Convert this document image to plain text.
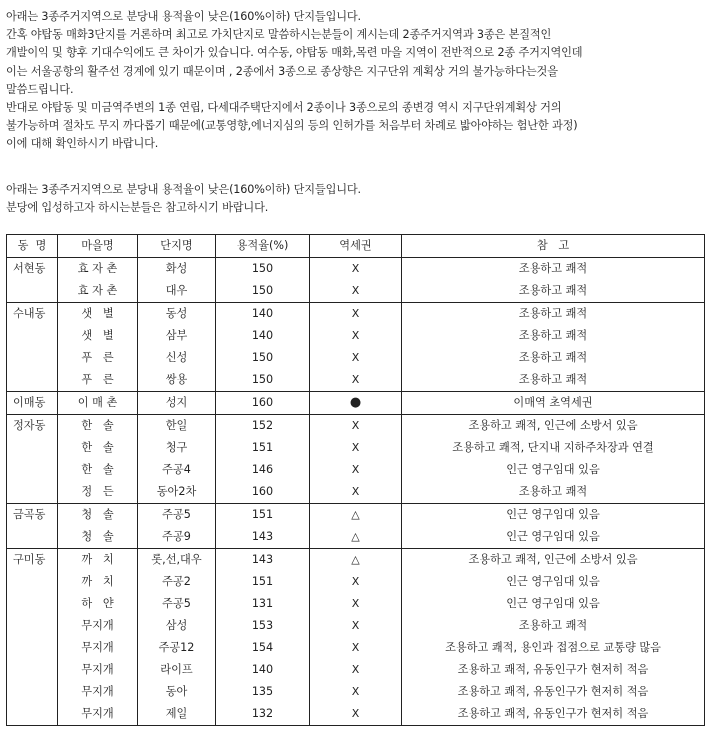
아래는 3종주거지역으로 분당내 용적율이 낮은(160%이하) 단지들입니다.

간혹 야탑동 매화3단지를 거론하며 최고로 가치단지로 말씀하시는분들이 계시는데 2종주거지역과 3종은 본질적인

개발이익 및 향후 기대수익에도 큰 차이가 있습니다. 여수동, 야탑동 매화,목련 마을 지역이 전반적으로 2종 주거지역인데

이는 서울공항의 활주선 경계에 있기 때문이며 , 2종에서 3종으로 종상향은 지구단위 계획상 거의 불가능하다는것을

말씀드립니다.

반대로 야탑동 및 미금역주변의 1종 연립, 다세대주택단지에서 2종이나 3종으로의 종변경 역시 지구단위계획상 거의

불가능하며 절차도 무지 까다롭기 때문에(교통영향,에너지심의 등의 인허가를 처음부터 차례로 밟아야하는 험난한 과정)

이에 대해 확인하시기 바랍니다.

아래는 3종주거지역으로 분당내 용적율이 낮은(160%이하) 단지들입니다.

분당에 입성하고자 하시는분들은 참고하시기 바랍니다.

동  명	마을명	단지명	용적율(%)	역세권	참   고
서현동	효 자 촌	화성	150	X	조용하고 쾌적
	효 자 촌	대우	150	X	조용하고 쾌적
수내동	샛   별	동성	140	X	조용하고 쾌적
	샛   별	삼부	140	X	조용하고 쾌적
	푸   른	신성	150	X	조용하고 쾌적
	푸   른	쌍용	150	X	조용하고 쾌적
이매동	이 매 촌	성지	160	●	이매역 초역세권
정자동	한   솔	한일	152	X	조용하고 쾌적, 인근에 소방서 있음
	한   솔	청구	151	X	조용하고 쾌적, 단지내 지하주차장과 연결
	한   솔	주공4	146	X	인근 영구임대 있음
	정   든	동아2차	160	X	조용하고 쾌적
금곡동	청   솔	주공5	151	△	인근 영구임대 있음
	청   솔	주공9	143	△	인근 영구임대 있음
구미동	까   치	롯,선,대우	143	△	조용하고 쾌적, 인근에 소방서 있음
	까   치	주공2	151	X	인근 영구임대 있음
	하   얀	주공5	131	X	인근 영구임대 있음
	무지개	삼성	153	X	조용하고 쾌적
	무지개	주공12	154	X	조용하고 쾌적, 용인과 접점으로 교통량 많음
	무지개	라이프	140	X	조용하고 쾌적, 유동인구가 현저히 적음
	무지개	동아	135	X	조용하고 쾌적, 유동인구가 현저히 적음
	무지개	제일	132	X	조용하고 쾌적, 유동인구가 현저히 적음
